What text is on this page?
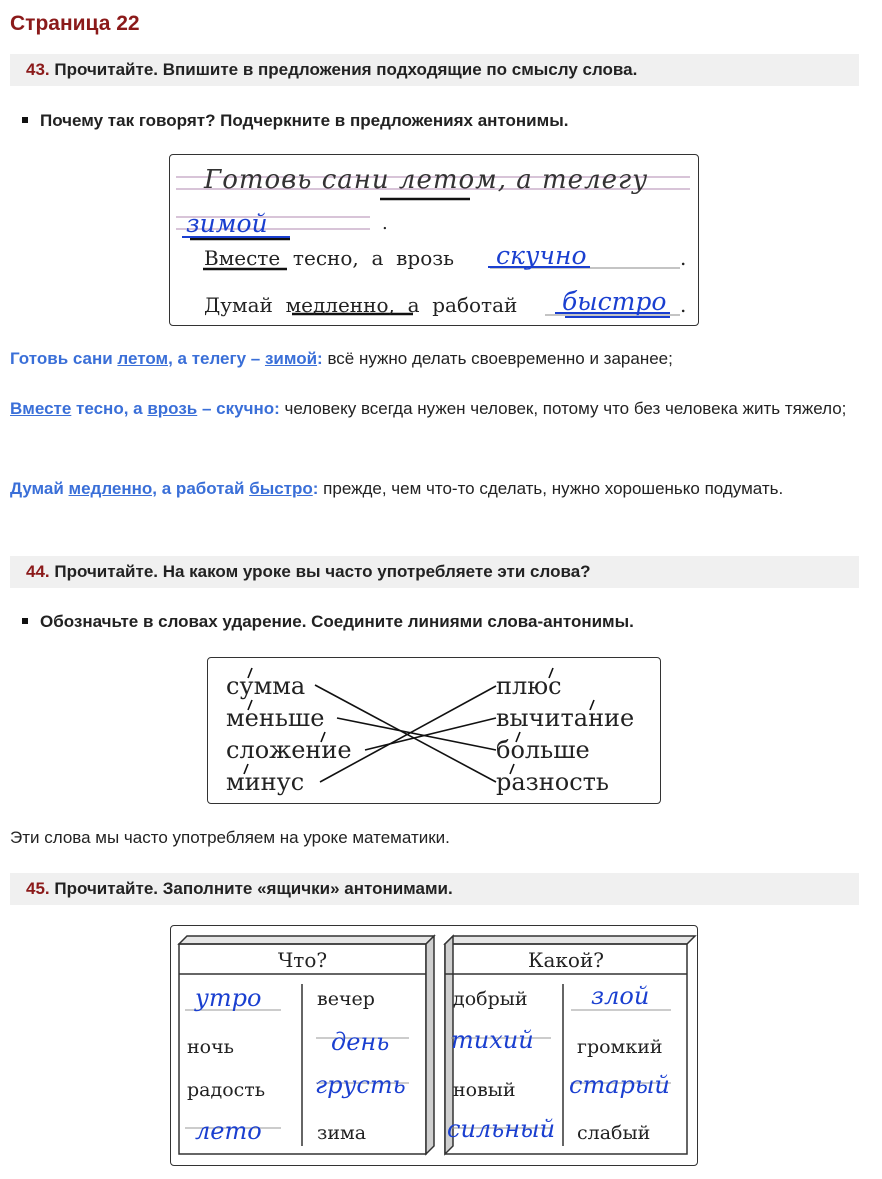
Страница 22
43. Прочитайте. Впишите в предложения подходящие по смыслу слова.
Почему так говорят? Подчеркните в предложениях антонимы.
Готовь сани летом, а телегу
зимой	.
Вместе тесно, а врозь скучно	.
Думай медленно, а работай быстро .
Готовь сани летом, а телегу – зимой: всё нужно делать своевременно и заранее;
Вместе тесно, а врозь – скучно: человеку всегда нужен человек, потому что без человека жить тяжело;
Думай медленно, а работай быстро: прежде, чем что-то сделать, нужно хорошенько подумать.
44. Прочитайте. На каком уроке вы часто употребляете эти слова?
Обозначьте в словах ударение. Соедините линиями слова-антонимы.
сумма
меньше
сложение
минус
плюс
вычитание
больше
разность
Эти слова мы часто употребляем на уроке математики.
45. Прочитайте. Заполните «ящички» антонимами.
Что?	Какой?
утро	вечер
ночь	день
радость грусть
лето	зима
добрый	злой
тихий громкий
новый старый
сильный слабый
